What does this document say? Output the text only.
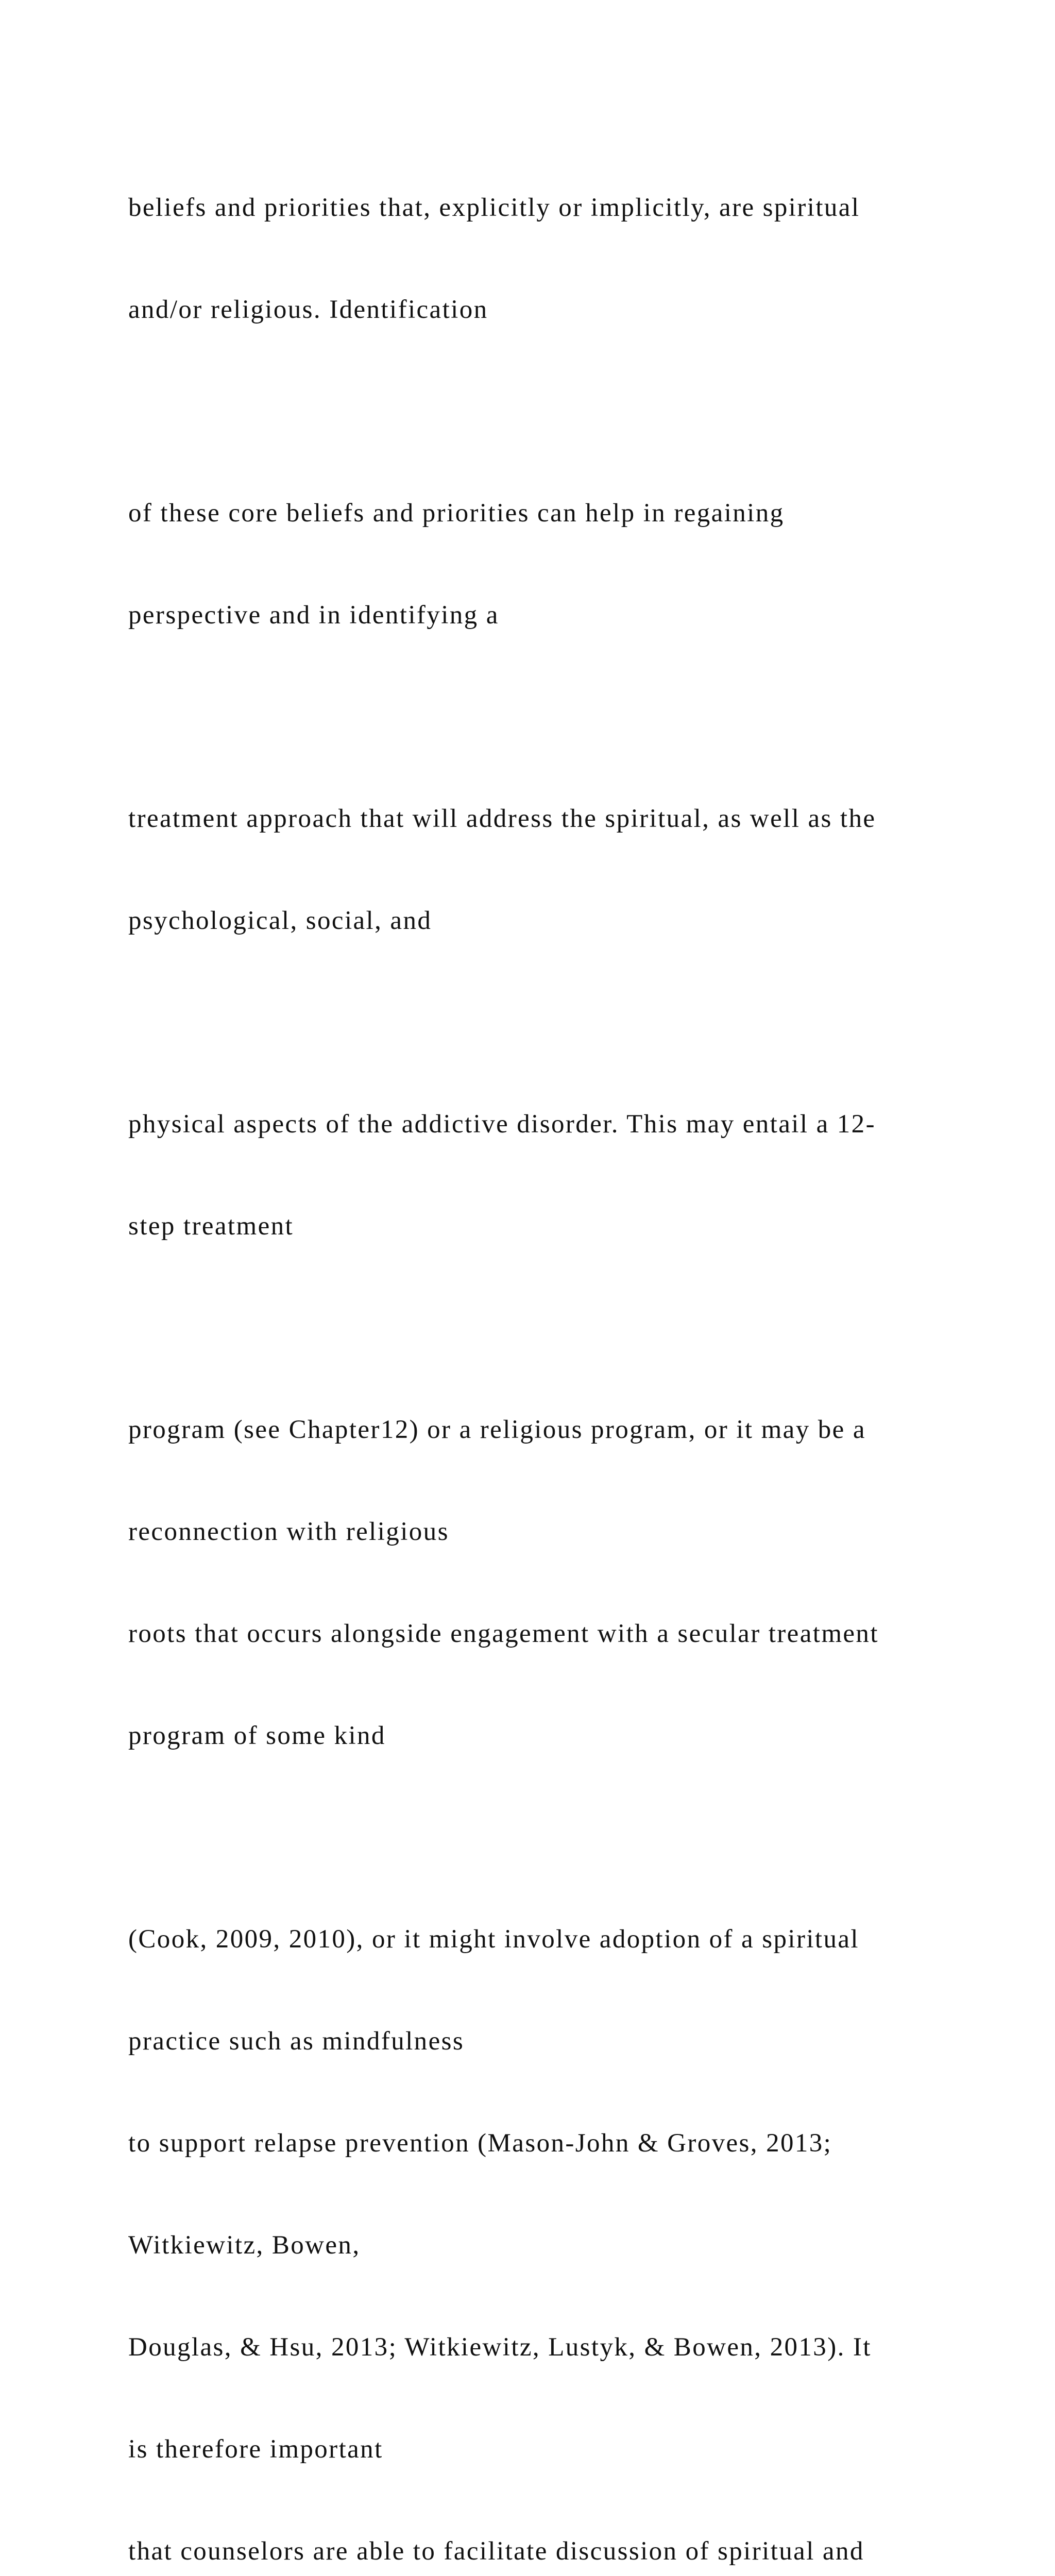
beliefs and priorities that, explicitly or implicitly, are spiritual

and/or religious. Identification

of these core beliefs and priorities can help in regaining

perspective and in identifying a

treatment approach that will address the spiritual, as well as the

psychological, social, and

physical aspects of the addictive disorder. This may entail a 12-

step treatment

program (see Chapter12) or a religious program, or it may be a

reconnection with religious

roots that occurs alongside engagement with a secular treatment

program of some kind

(Cook, 2009, 2010), or it might involve adoption of a spiritual

practice such as mindfulness

to support relapse prevention (Mason-John & Groves, 2013;

Witkiewitz, Bowen,

Douglas, & Hsu, 2013; Witkiewitz, Lustyk, & Bowen, 2013). It

is therefore important

that counselors are able to facilitate discussion of spiritual and
